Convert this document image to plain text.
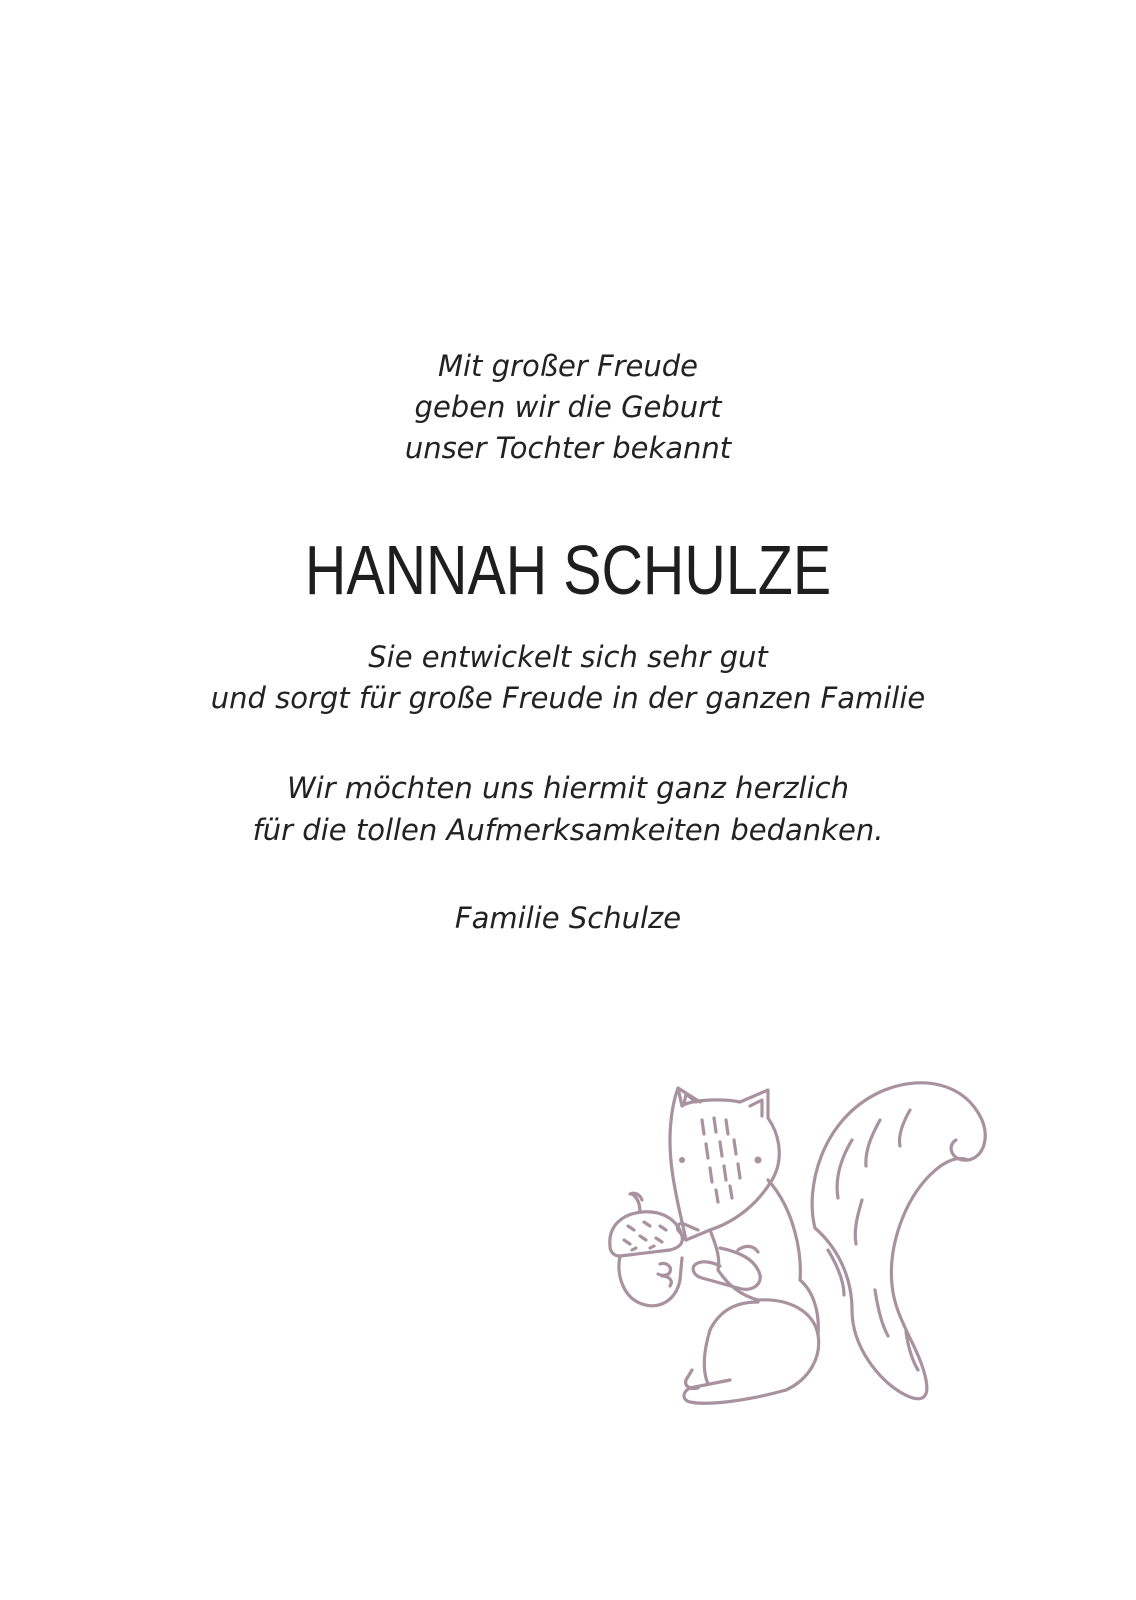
Mit großer Freude

geben wir die Geburt

unser Tochter bekannt

HANNAH SCHULZE

Sie entwickelt sich sehr gut

und sorgt für große Freude in der ganzen Familie

Wir möchten uns hiermit ganz herzlich

für die tollen Aufmerksamkeiten bedanken.

Familie Schulze
